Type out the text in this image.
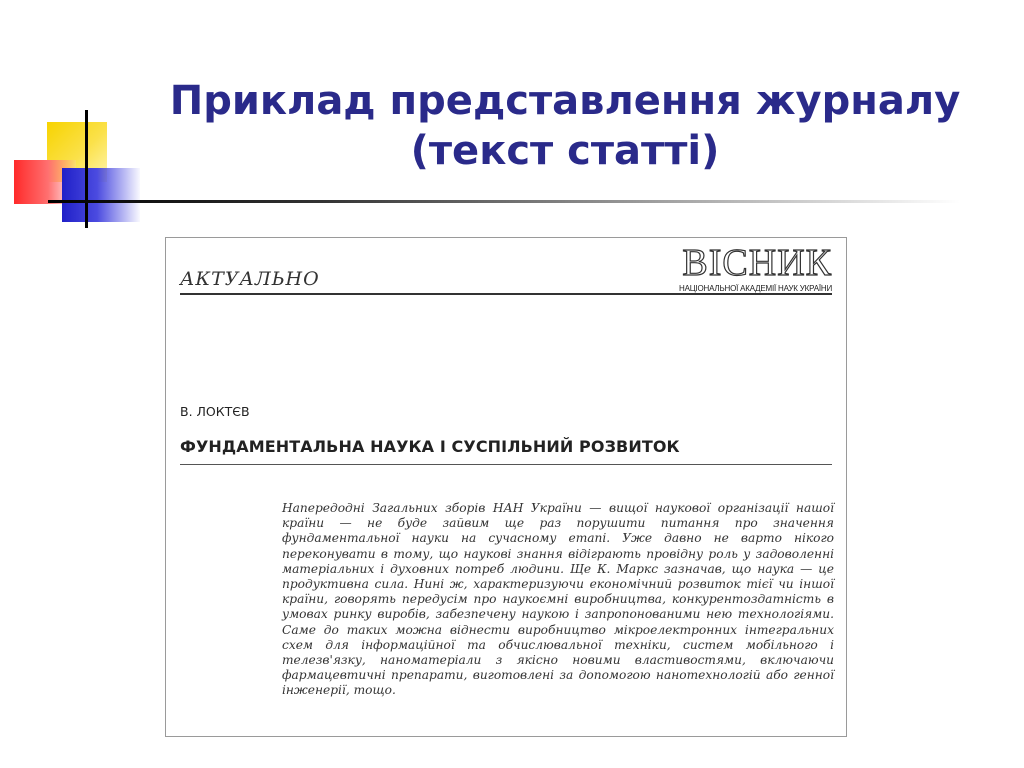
Приклад представлення журналу
(текст статті)
АКТУАЛЬНО	ВІСНИК
НАЦІОНАЛЬНОЇ АКАДЕМІЇ НАУК УКРАЇНИ
В. ЛОКТЄВ
ФУНДАМЕНТАЛЬНА НАУКА І СУСПІЛЬНИЙ РОЗВИТОК

Напередодні Загальних зборів НАН України — вищої наукової організації нашої країни — не буде зайвим ще раз порушити питання про значення фундаментальної науки на сучасному етапі. Уже давно не варто нікого переконувати в тому, що наукові знання відіграють провідну роль у задоволенні матеріальних і духовних потреб людини. Ще К. Маркс зазначав, що наука — це продуктивна сила. Нині ж, характеризуючи економічний розвиток тієї чи іншої країни, говорять передусім про наукоємні виробництва, конкурентоздатність в умовах ринку виробів, забезпечену наукою і запропонованими нею технологіями. Саме до таких можна віднести виробництво мікроелектронних інтегральних схем для інформаційної та обчислювальної техніки, систем мобільного і телезв'язку, наноматеріали з якісно новими властивостями, включаючи фармацевтичні препарати, виготовлені за допомогою нанотехнологій або генної інженерії, тощо.
